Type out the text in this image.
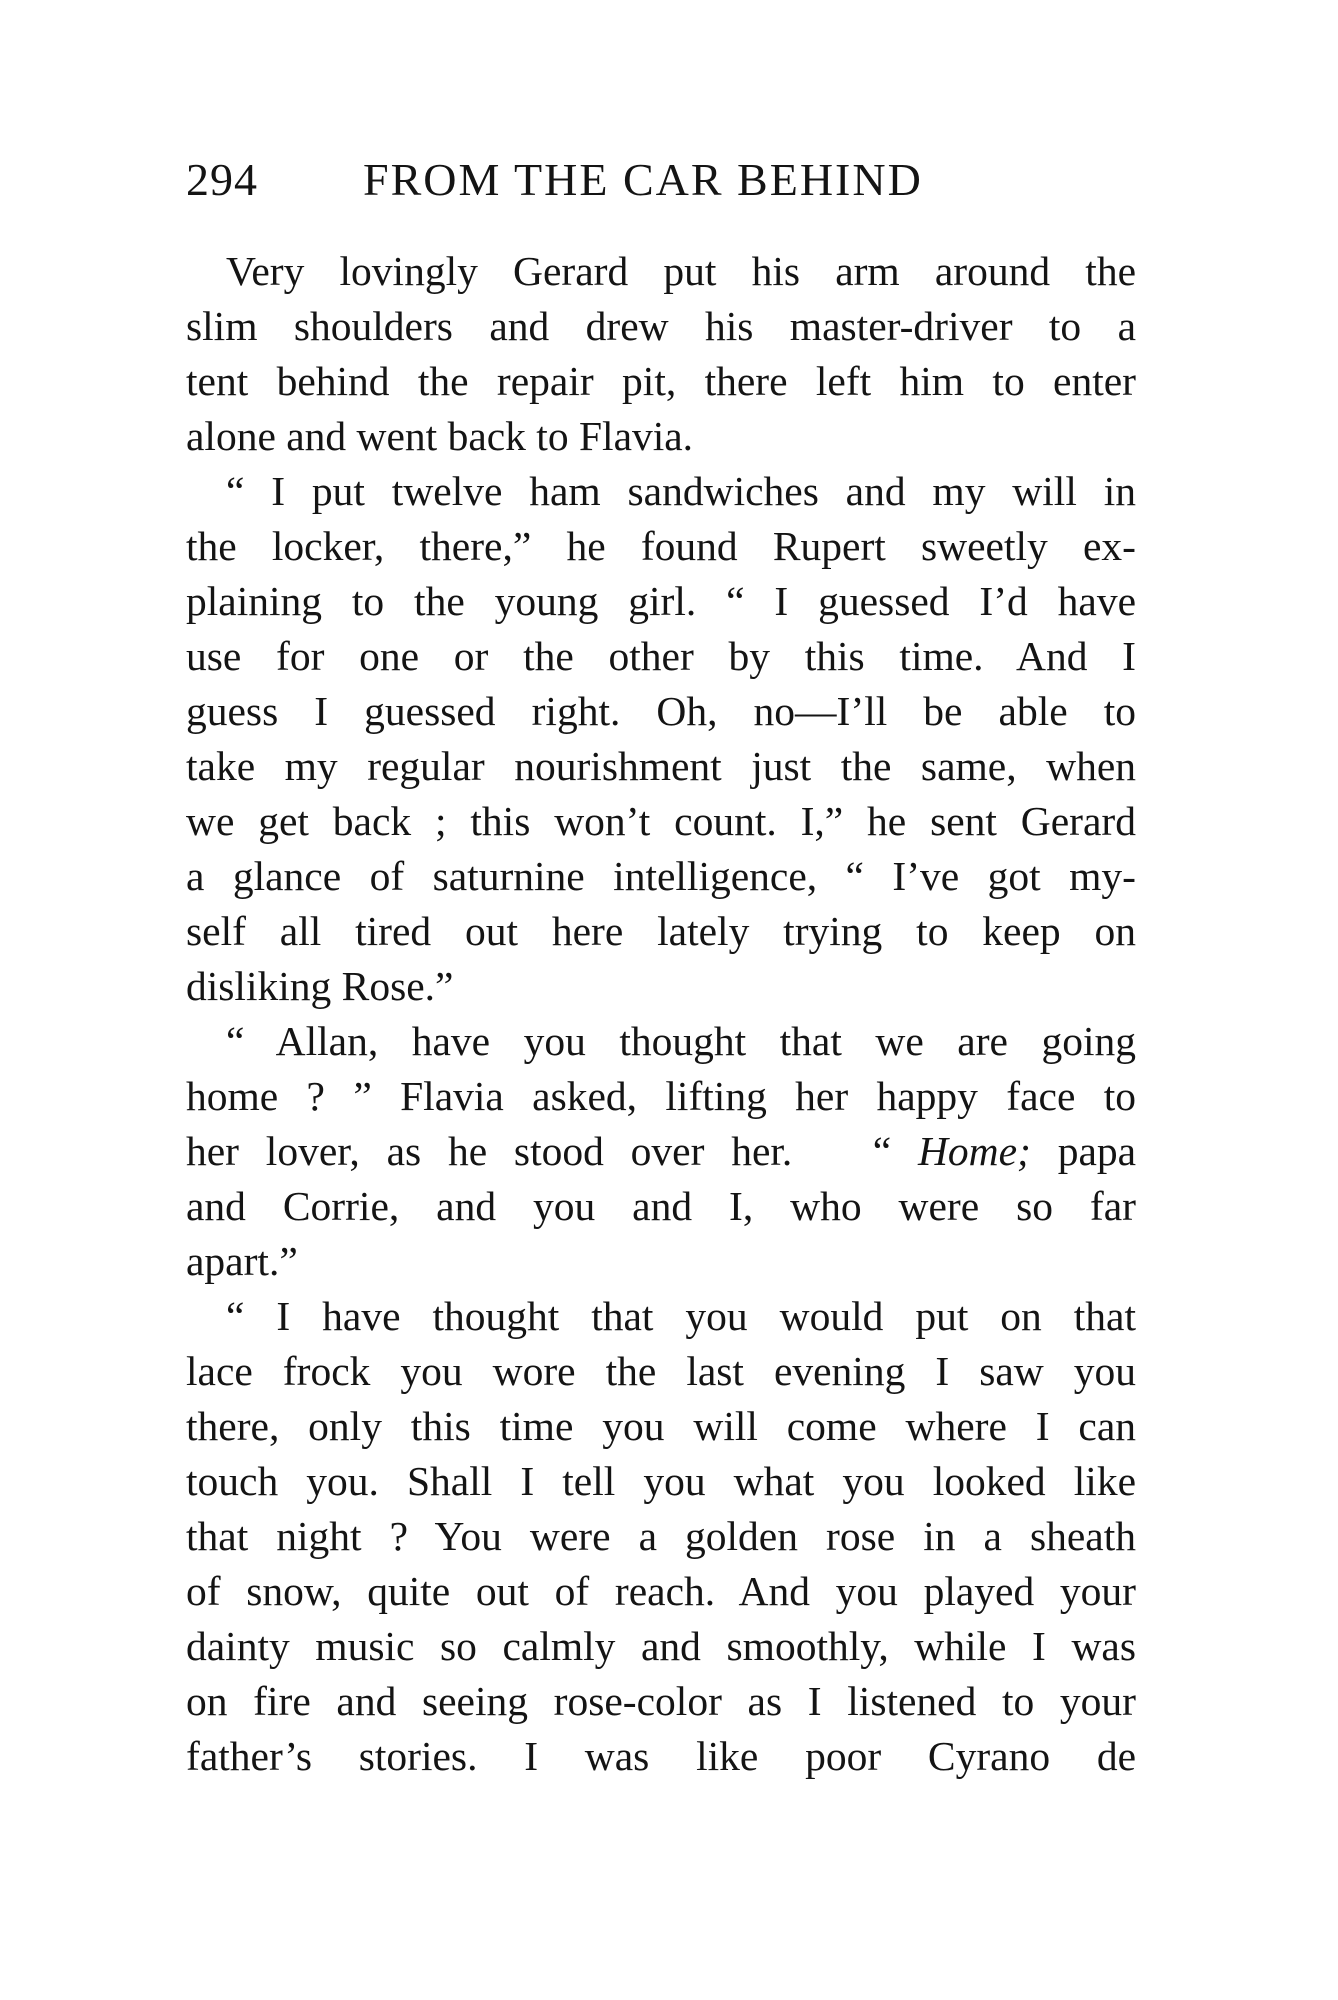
294 FROM THE CAR BEHIND
Very lovingly Gerard put his arm around the
slim shoulders and drew his master-driver to a
tent behind the repair pit, there left him to enter
alone and went back to Flavia.
“ I put twelve ham sandwiches and my will in
the locker, there,” he found Rupert sweetly ex-
plaining to the young girl. “ I guessed I’d have
use for one or the other by this time. And I
guess I guessed right. Oh, no—I’ll be able to
take my regular nourishment just the same, when
we get back ; this won’t count. I,” he sent Gerard
a glance of saturnine intelligence, “ I’ve got my-
self all tired out here lately trying to keep on
disliking Rose.”
“ Allan, have you thought that we are going
home ? ” Flavia asked, lifting her happy face to
her lover, as he stood over her. “ Home; papa
and Corrie, and you and I, who were so far
apart.”
“ I have thought that you would put on that
lace frock you wore the last evening I saw you
there, only this time you will come where I can
touch you. Shall I tell you what you looked like
that night ? You were a golden rose in a sheath
of snow, quite out of reach. And you played your
dainty music so calmly and smoothly, while I was
on fire and seeing rose-color as I listened to your
father’s stories. I was like poor Cyrano de
